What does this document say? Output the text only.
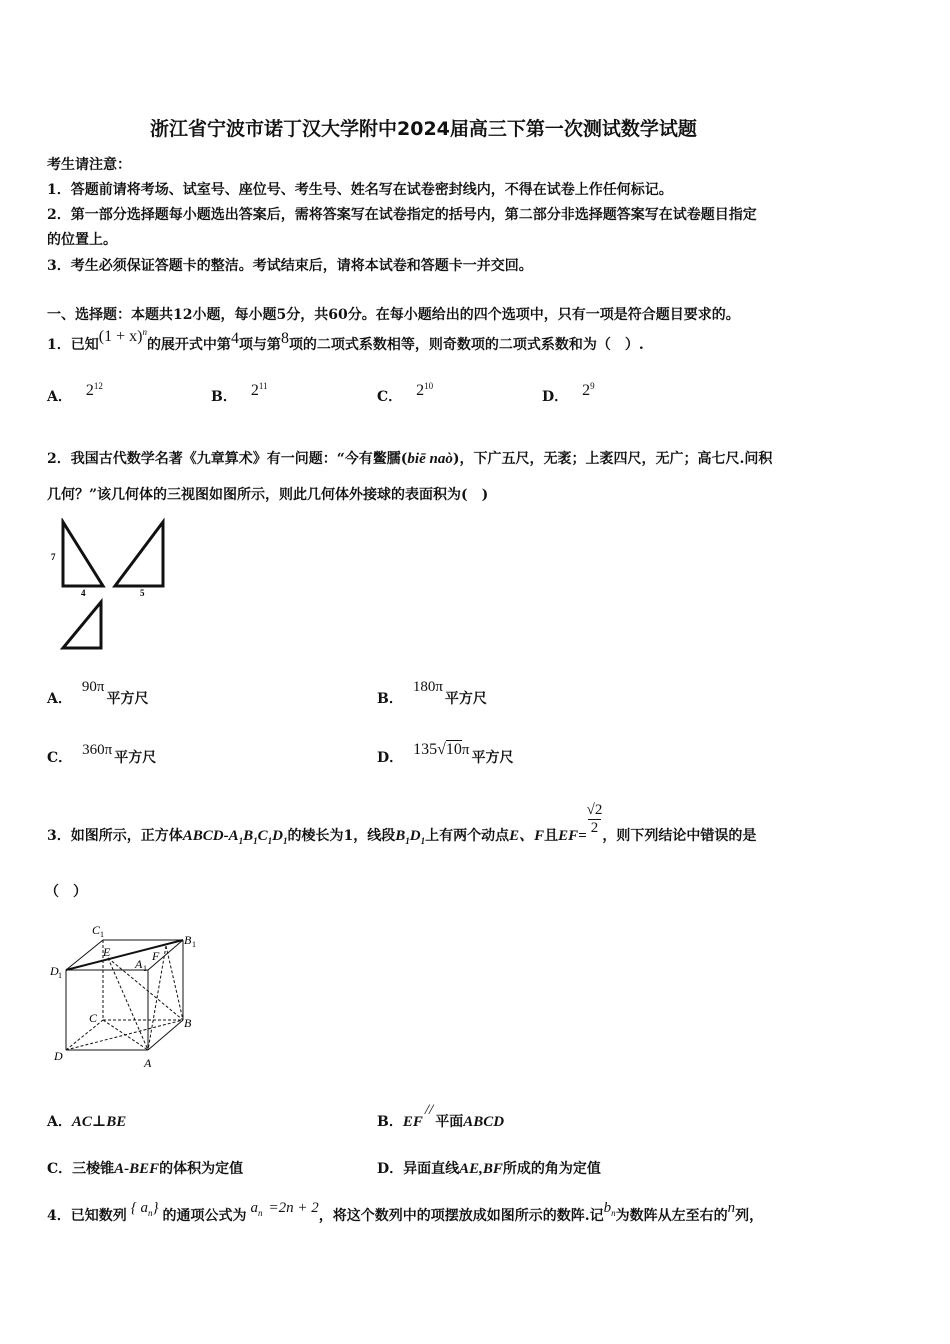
浙江省宁波市诺丁汉大学附中2024届高三下第一次测试数学试题
考生请注意：
1．答题前请将考场、试室号、座位号、考生号、姓名写在试卷密封线内，不得在试卷上作任何标记。
2．第一部分选择题每小题选出答案后，需将答案写在试卷指定的括号内，第二部分非选择题答案写在试卷题目指定
的位置上。
3．考生必须保证答题卡的整洁。考试结束后，请将本试卷和答题卡一并交回。
一、选择题：本题共12小题，每小题5分，共60分。在每小题给出的四个选项中，只有一项是符合题目要求的。
1．已知$(1 + x)^n$的展开式中第4项与第8项的二项式系数相等，则奇数项的二项式系数和为（　）.
A． $2^{12}$
B． $2^{11}$
C． $2^{10}$
D． $2^9$
2．我国古代数学名著《九章算术》有一问题：“今有鳖臑(biē naò)，下广五尺，无袤；上袤四尺，无广；高七尺.问积
几何？”该几何体的三视图如图所示，则此几何体外接球的表面积为(　)
7
4	5
A．90π平方尺	B．180π平方尺
C． 360π 平方尺	D． 135√10π 平方尺
3．如图所示，正方体ABCD-$A_1B_1C_1D_1$的棱长为1，线段$B_1D_1$上有两个动点E、F且$EF= \frac{√2}{2}$ ，则下列结论中错误的是
（　）
C 1	B 1
D 1
A 1
E	F
C	B
D	A
A．AC⊥BE	B．EF//平面ABCD
C．三棱锥A-BEF的体积为定值	D．异面直线AE,BF所成的角为定值
4．已知数列 { $a_n$} 的通项公式为 $a_n =2n + 2$，将这个数列中的项摆放成如图所示的数阵.记$b_n$为数阵从左至右的n列，
